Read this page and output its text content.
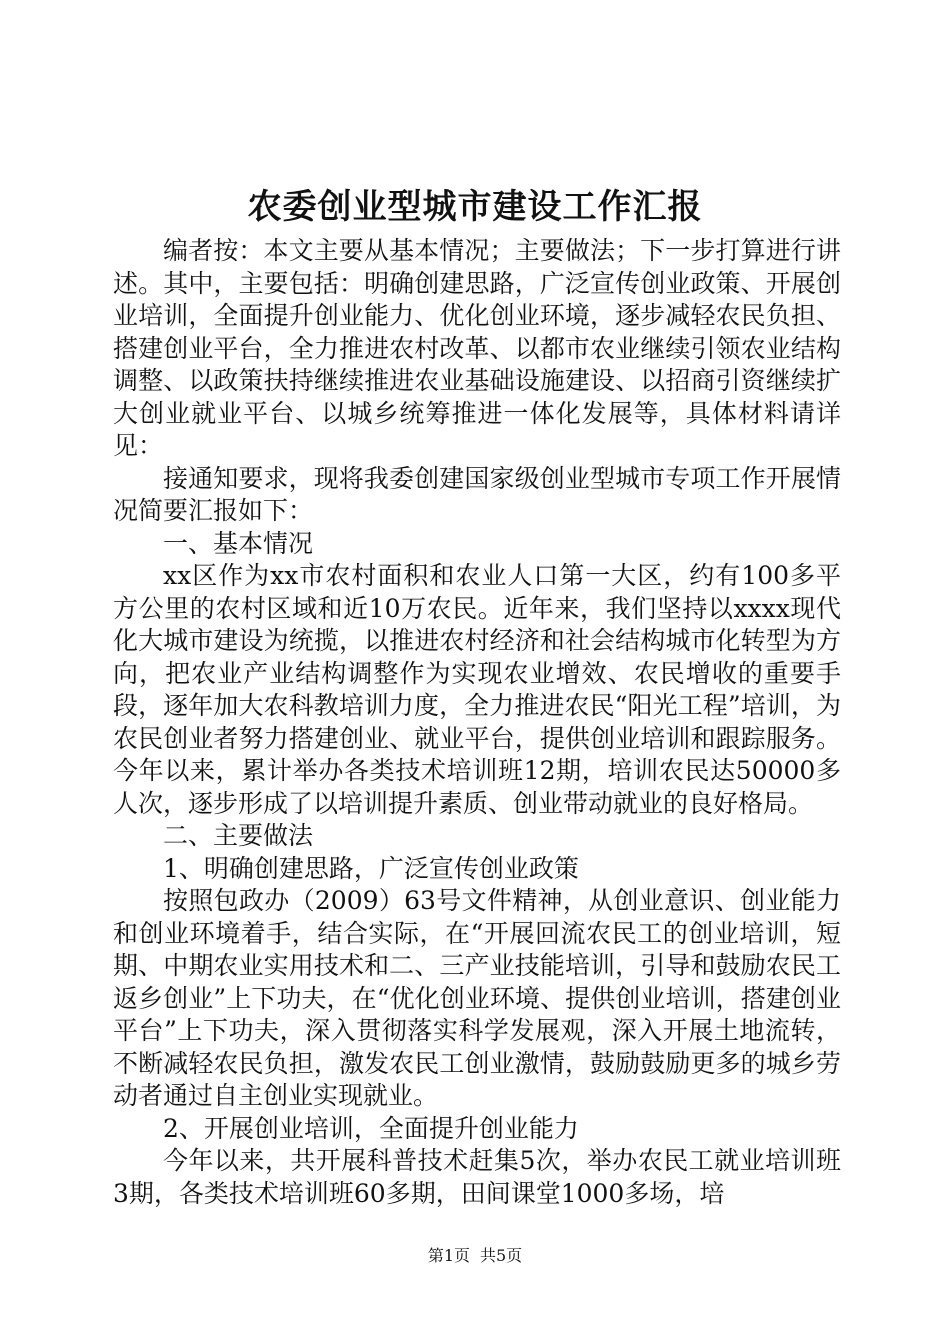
农委创业型城市建设工作汇报

编者按：本文主要从基本情况；主要做法；下一步打算进行讲述。其中，主要包括：明确创建思路，广泛宣传创业政策、开展创业培训，全面提升创业能力、优化创业环境，逐步减轻农民负担、搭建创业平台，全力推进农村改革、以都市农业继续引领农业结构调整、以政策扶持继续推进农业基础设施建设、以招商引资继续扩大创业就业平台、以城乡统筹推进一体化发展等，具体材料请详见：

接通知要求，现将我委创建国家级创业型城市专项工作开展情况简要汇报如下：

一、基本情况

xx区作为xx市农村面积和农业人口第一大区，约有100多平方公里的农村区域和近10万农民。近年来，我们坚持以xxxx现代化大城市建设为统揽，以推进农村经济和社会结构城市化转型为方向，把农业产业结构调整作为实现农业增效、农民增收的重要手段，逐年加大农科教培训力度，全力推进农民“阳光工程”培训，为农民创业者努力搭建创业、就业平台，提供创业培训和跟踪服务。今年以来，累计举办各类技术培训班12期，培训农民达50000多人次，逐步形成了以培训提升素质、创业带动就业的良好格局。

二、主要做法

1、明确创建思路，广泛宣传创业政策

按照包政办（2009）63号文件精神，从创业意识、创业能力和创业环境着手，结合实际，在“开展回流农民工的创业培训，短期、中期农业实用技术和二、三产业技能培训，引导和鼓励农民工返乡创业”上下功夫，在“优化创业环境、提供创业培训，搭建创业平台”上下功夫，深入贯彻落实科学发展观，深入开展土地流转，不断减轻农民负担，激发农民工创业激情，鼓励鼓励更多的城乡劳动者通过自主创业实现就业。

2、开展创业培训，全面提升创业能力

今年以来，共开展科普技术赶集5次，举办农民工就业培训班3期，各类技术培训班60多期，田间课堂1000多场，培

第1页 共5页
